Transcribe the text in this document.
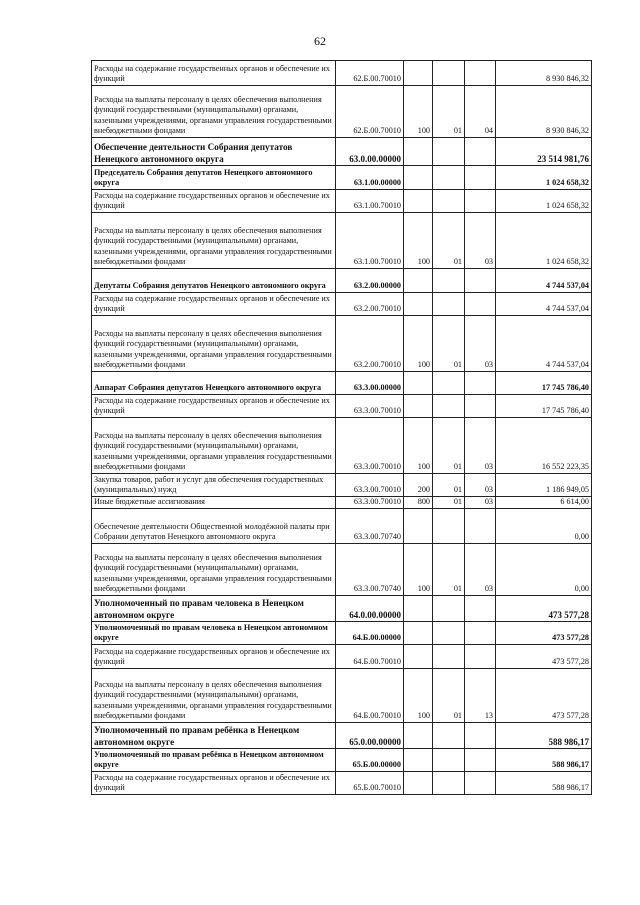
62
Расходы на содержание государственных органов и обеспечение их функций	62.Б.00.70010				8 930 846,32
Расходы на выплаты персоналу в целях обеспечения выполнения функций государственными (муниципальными) органами, казенными учреждениями, органами управления государственными внебюджетными фондами	62.Б.00.70010	100	01	04	8 930 846,32
Обеспечение деятельности Собрания депутатов Ненецкого автономного округа	63.0.00.00000				23 514 981,76
Председатель Собрания депутатов Ненецкого автономного округа	63.1.00.00000				1 024 658,32
Расходы на содержание государственных органов и обеспечение их функций	63.1.00.70010				1 024 658,32
Расходы на выплаты персоналу в целях обеспечения выполнения функций государственными (муниципальными) органами, казенными учреждениями, органами управления государственными внебюджетными фондами	63.1.00.70010	100	01	03	1 024 658,32
Депутаты Собрания депутатов Ненецкого автономного округа	63.2.00.00000				4 744 537,04
Расходы на содержание государственных органов и обеспечение их функций	63.2.00.70010				4 744 537,04
Расходы на выплаты персоналу в целях обеспечения выполнения функций государственными (муниципальными) органами, казенными учреждениями, органами управления государственными внебюджетными фондами	63.2.00.70010	100	01	03	4 744 537,04
Аппарат Собрания депутатов Ненецкого автономного округа	63.3.00.00000				17 745 786,40
Расходы на содержание государственных органов и обеспечение их функций	63.3.00.70010				17 745 786,40
Расходы на выплаты персоналу в целях обеспечения выполнения функций государственными (муниципальными) органами, казенными учреждениями, органами управления государственными внебюджетными фондами	63.3.00.70010	100	01	03	16 552 223,35
Закупка товаров, работ и услуг для обеспечения государственных (муниципальных) нужд	63.3.00.70010	200	01	03	1 186 949,05
Иные бюджетные ассигнования	63.3.00.70010	800	01	03	6 614,00
Обеспечение деятельности Общественной молодёжной палаты при Собрании депутатов Ненецкого автономного округа	63.3.00.70740				0,00
Расходы на выплаты персоналу в целях обеспечения выполнения функций государственными (муниципальными) органами, казенными учреждениями, органами управления государственными внебюджетными фондами	63.3.00.70740	100	01	03	0,00
Уполномоченный по правам человека в Ненецком автономном округе	64.0.00.00000				473 577,28
Уполномоченный по правам человека в Ненецком автономном округе	64.Б.00.00000				473 577,28
Расходы на содержание государственных органов и обеспечение их функций	64.Б.00.70010				473 577,28
Расходы на выплаты персоналу в целях обеспечения выполнения функций государственными (муниципальными) органами, казенными учреждениями, органами управления государственными внебюджетными фондами	64.Б.00.70010	100	01	13	473 577,28
Уполномоченный по правам ребёнка в Ненецком автономном округе	65.0.00.00000				588 986,17
Уполномоченный по правам ребёнка в Ненецком автономном округе	65.Б.00.00000				588 986,17
Расходы на содержание государственных органов и обеспечение их функций	65.Б.00.70010				588 986,17
